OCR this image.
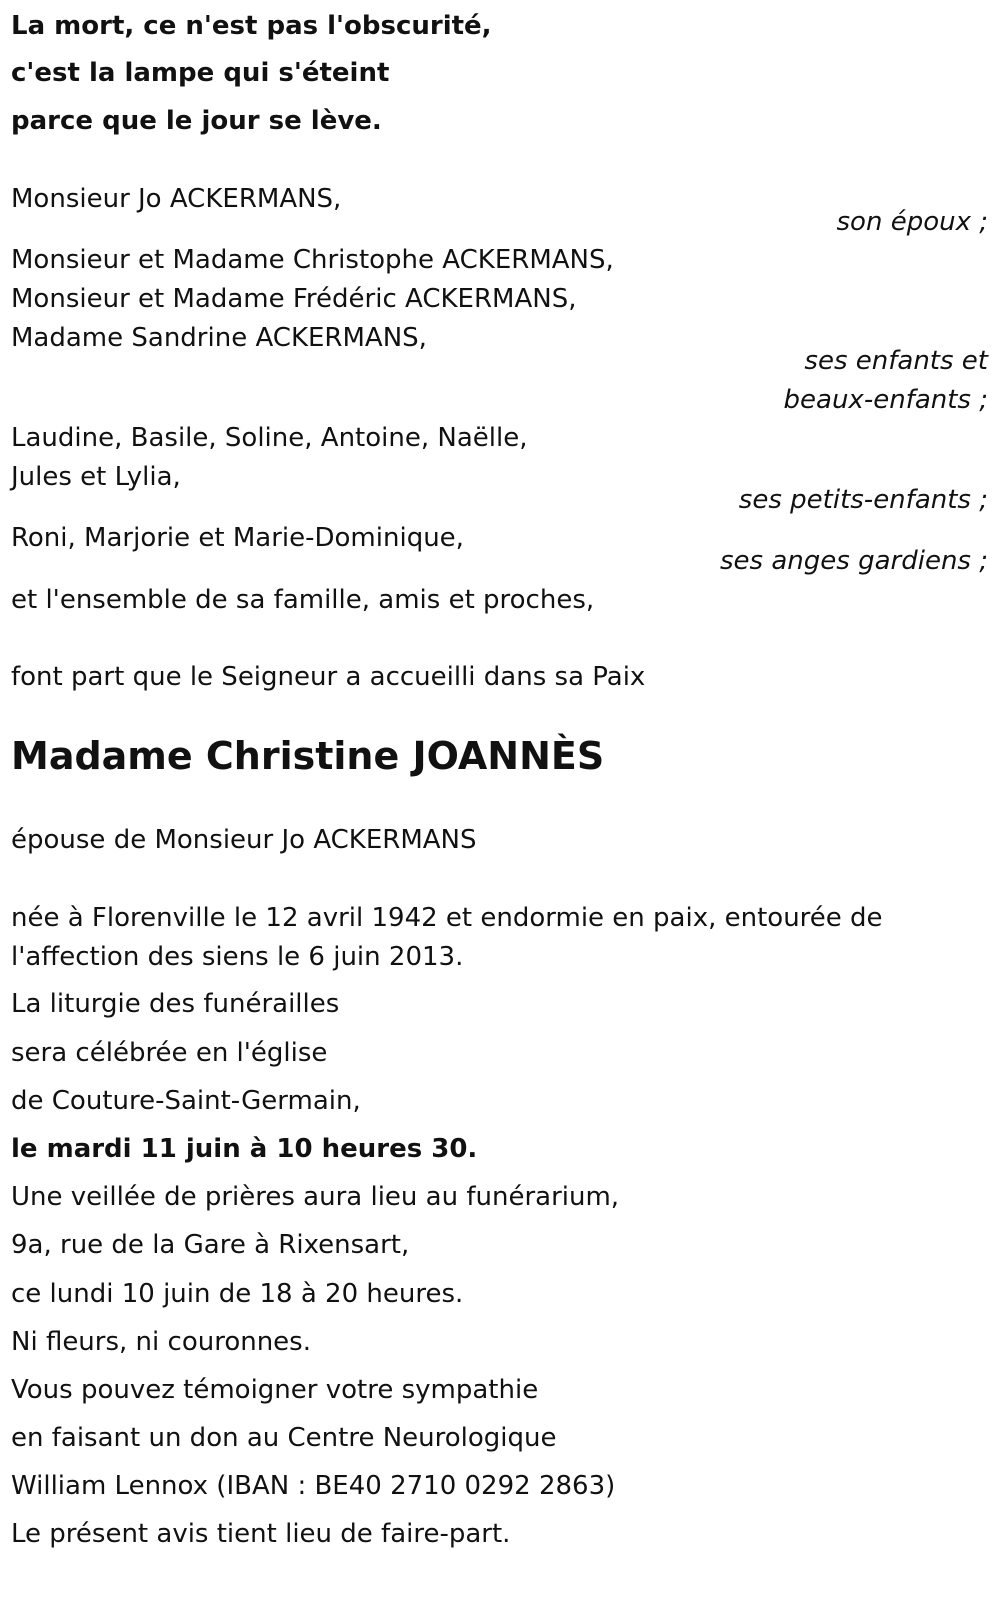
La mort, ce n'est pas l'obscurité,
c'est la lampe qui s'éteint
parce que le jour se lève.
Monsieur Jo ACKERMANS,
son époux ;
Monsieur et Madame Christophe ACKERMANS,
Monsieur et Madame Frédéric ACKERMANS,
Madame Sandrine ACKERMANS,
ses enfants et
beaux-enfants ;
Laudine, Basile, Soline, Antoine, Naëlle,
Jules et Lylia,
ses petits-enfants ;
Roni, Marjorie et Marie-Dominique,
ses anges gardiens ;
et l'ensemble de sa famille, amis et proches,
font part que le Seigneur a accueilli dans sa Paix
Madame Christine JOANNÈS
épouse de Monsieur Jo ACKERMANS
née à Florenville le 12 avril 1942 et endormie en paix, entourée de
l'affection des siens le 6 juin 2013.
La liturgie des funérailles
sera célébrée en l'église
de Couture-Saint-Germain,
le mardi 11 juin à 10 heures 30.
Une veillée de prières aura lieu au funérarium,
9a, rue de la Gare à Rixensart,
ce lundi 10 juin de 18 à 20 heures.
Ni fleurs, ni couronnes.
Vous pouvez témoigner votre sympathie
en faisant un don au Centre Neurologique
William Lennox (IBAN : BE40 2710 0292 2863)
Le présent avis tient lieu de faire-part.
